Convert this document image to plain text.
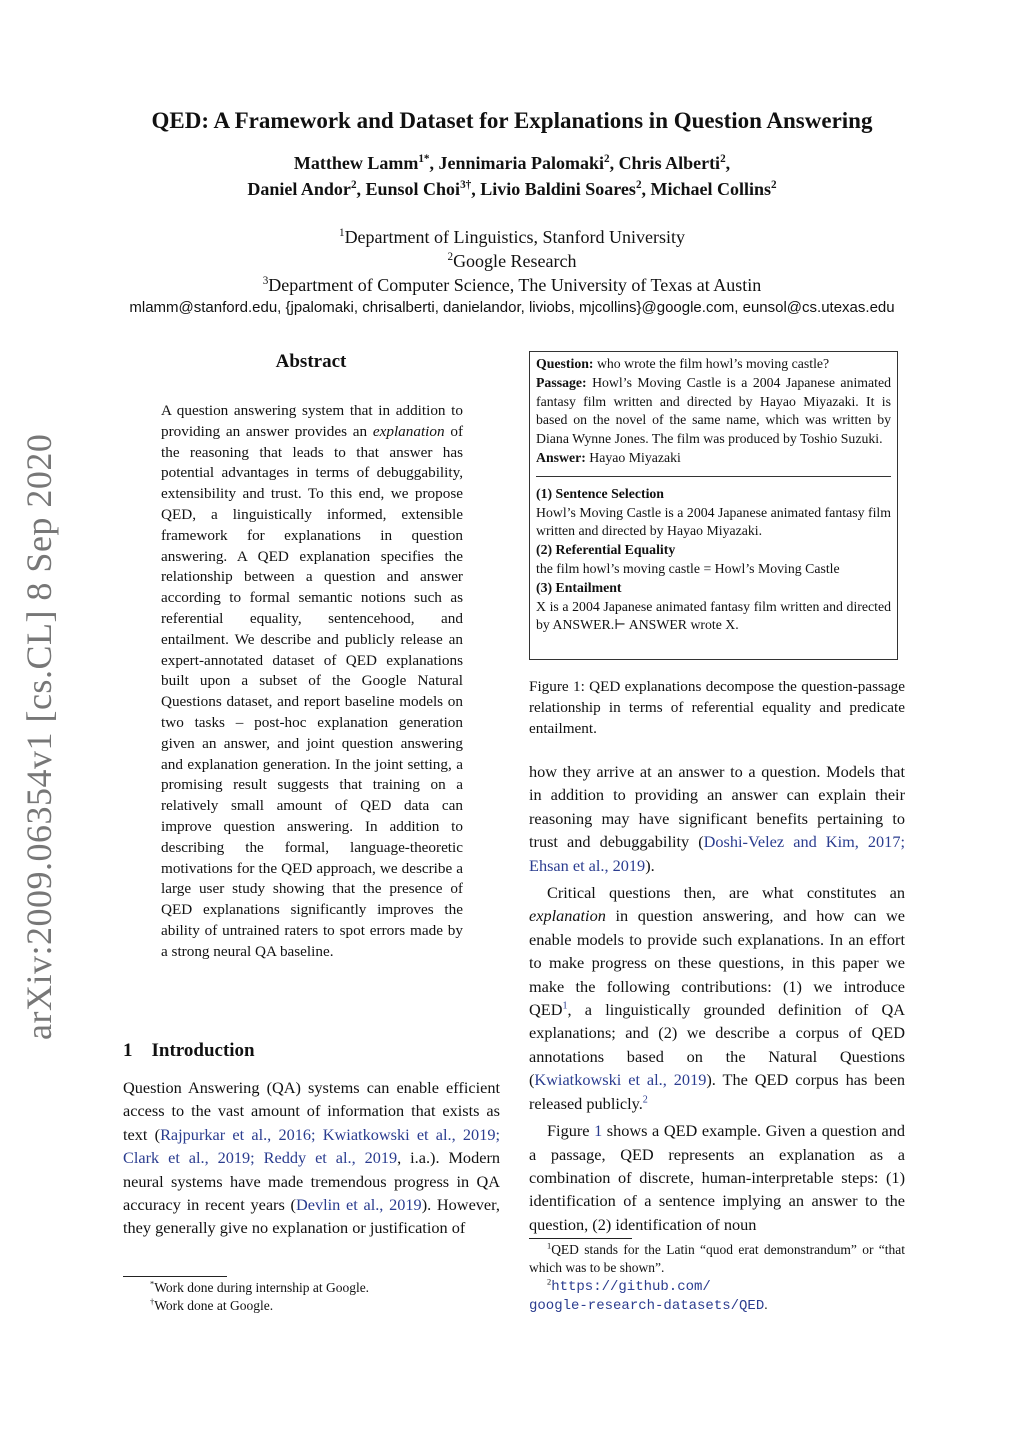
QED: A Framework and Dataset for Explanations in Question Answering
Matthew Lamm$^{1*}$, Jennimaria Palomaki$^2$, Chris Alberti$^2$,
Daniel Andor$^2$, Eunsol Choi$^{3\dagger}$, Livio Baldini Soares$^2$, Michael Collins$^2$
$^1$Department of Linguistics, Stanford University
$^2$Google Research
$^3$Department of Computer Science, The University of Texas at Austin
mlamm@stanford.edu, {jpalomaki, chrisalberti, danielandor, liviobs, mjcollins}@google.com, eunsol@cs.utexas.edu
arXiv:2009.06354v1 [cs.CL] 8 Sep 2020
Abstract
A question answering system that in addition to providing an answer provides an explanation of the reasoning that leads to that answer has potential advantages in terms of debuggability, extensibility and trust. To this end, we propose QED, a linguistically informed, extensible framework for explanations in question answering. A QED explanation specifies the relationship between a question and answer according to formal semantic notions such as referential equality, sentencehood, and entailment. We describe and publicly release an expert-annotated dataset of QED explanations built upon a subset of the Google Natural Questions dataset, and report baseline models on two tasks – post-hoc explanation generation given an answer, and joint question answering and explanation generation. In the joint setting, a promising result suggests that training on a relatively small amount of QED data can improve question answering. In addition to describing the formal, language-theoretic motivations for the QED approach, we describe a large user study showing that the presence of QED explanations significantly improves the ability of untrained raters to spot errors made by a strong neural QA baseline.
1 Introduction
Question Answering (QA) systems can enable efficient access to the vast amount of information that exists as text (Rajpurkar et al., 2016; Kwiatkowski et al., 2019; Clark et al., 2019; Reddy et al., 2019, i.a.). Modern neural systems have made tremendous progress in QA accuracy in recent years (Devlin et al., 2019). However, they generally give no explanation or justification of
*Work done during internship at Google.
†Work done at Google.
Question: who wrote the film howl’s moving castle?
Passage: Howl’s Moving Castle is a 2004 Japanese animated fantasy film written and directed by Hayao Miyazaki. It is based on the novel of the same name, which was written by Diana Wynne Jones. The film was produced by Toshio Suzuki.
Answer: Hayao Miyazaki
(1) Sentence Selection
Howl’s Moving Castle is a 2004 Japanese animated fantasy film written and directed by Hayao Miyazaki.
(2) Referential Equality
the film howl’s moving castle = Howl’s Moving Castle
(3) Entailment
X is a 2004 Japanese animated fantasy film written and directed by ANSWER.⊢ ANSWER wrote X.
Figure 1: QED explanations decompose the question-passage relationship in terms of referential equality and predicate entailment.

how they arrive at an answer to a question. Models that in addition to providing an answer can explain their reasoning may have significant benefits pertaining to trust and debuggability (Doshi-Velez and Kim, 2017; Ehsan et al., 2019).

Critical questions then, are what constitutes an explanation in question answering, and how can we enable models to provide such explanations. In an effort to make progress on these questions, in this paper we make the following contributions: (1) we introduce QED$^1$, a linguistically grounded definition of QA explanations; and (2) we describe a corpus of QED annotations based on the Natural Questions (Kwiatkowski et al., 2019). The QED corpus has been released publicly.$^2$

Figure 1 shows a QED example. Given a question and a passage, QED represents an explanation as a combination of discrete, human-interpretable steps: (1) identification of a sentence implying an answer to the question, (2) identification of noun

$^1$QED stands for the Latin “quod erat demonstrandum” or “that which was to be shown”.
$^2$https://github.com/
google-research-datasets/QED.
